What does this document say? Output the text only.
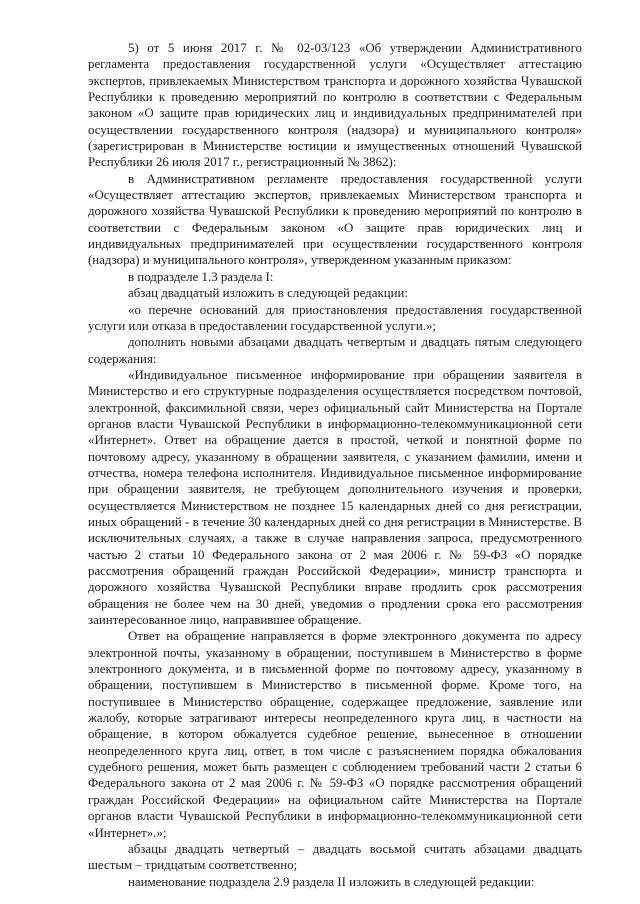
5) от 5 июня 2017 г. № 02-03/123 «Об утверждении Административного регламента предоставления государственной услуги «Осуществляет аттестацию экспертов, привлекаемых Министерством транспорта и дорожного хозяйства Чувашской Республики к проведению мероприятий по контролю в соответствии с Федеральным законом «О защите прав юридических лиц и индивидуальных предпринимателей при осуществлении государственного контроля (надзора) и муниципального контроля» (зарегистрирован в Министерстве юстиции и имущественных отношений Чувашской Республики 26 июля 2017 г., регистрационный № 3862):

в Административном регламенте предоставления государственной услуги «Осуществляет аттестацию экспертов, привлекаемых Министерством транспорта и дорожного хозяйства Чувашской Республики к проведению мероприятий по контролю в соответствии с Федеральным законом «О защите прав юридических лиц и индивидуальных предпринимателей при осуществлении государственного контроля (надзора) и муниципального контроля», утвержденном указанным приказом:

в подразделе 1.3 раздела I:

абзац двадцатый изложить в следующей редакции:

«о перечне оснований для приостановления предоставления государственной услуги или отказа в предоставлении государственной услуги.»;

дополнить новыми абзацами двадцать четвертым и двадцать пятым следующего содержания:

«Индивидуальное письменное информирование при обращении заявителя в Министерство и его структурные подразделения осуществляется посредством почтовой, электронной, факсимильной связи, через официальный сайт Министерства на Портале органов власти Чувашской Республики в информационно-телекоммуникационной сети «Интернет». Ответ на обращение дается в простой, четкой и понятной форме по почтовому адресу, указанному в обращении заявителя, с указанием фамилии, имени и отчества, номера телефона исполнителя. Индивидуальное письменное информирование при обращении заявителя, не требующем дополнительного изучения и проверки, осуществляется Министерством не позднее 15 календарных дней со дня регистрации, иных обращений - в течение 30 календарных дней со дня регистрации в Министерстве. В исключительных случаях, а также в случае направления запроса, предусмотренного частью 2 статьи 10 Федерального закона от 2 мая 2006 г. № 59-ФЗ «О порядке рассмотрения обращений граждан Российской Федерации», министр транспорта и дорожного хозяйства Чувашской Республики вправе продлить срок рассмотрения обращения не более чем на 30 дней, уведомив о продлении срока его рассмотрения заинтересованное лицо, направившее обращение.

Ответ на обращение направляется в форме электронного документа по адресу электронной почты, указанному в обращении, поступившем в Министерство в форме электронного документа, и в письменной форме по почтовому адресу, указанному в обращении, поступившем в Министерство в письменной форме. Кроме того, на поступившее в Министерство обращение, содержащее предложение, заявление или жалобу, которые затрагивают интересы неопределенного круга лиц, в частности на обращение, в котором обжалуется судебное решение, вынесенное в отношении неопределенного круга лиц, ответ, в том числе с разъяснением порядка обжалования судебного решения, может быть размещен с соблюдением требований части 2 статьи 6 Федерального закона от 2 мая 2006 г. № 59-ФЗ «О порядке рассмотрения обращений граждан Российской Федерации» на официальном сайте Министерства на Портале органов власти Чувашской Республики в информационно-телекоммуникационной сети «Интернет».»;

абзацы двадцать четвертый – двадцать восьмой считать абзацами двадцать шестым – тридцатым соответственно;

наименование подраздела 2.9 раздела II изложить в следующей редакции:
